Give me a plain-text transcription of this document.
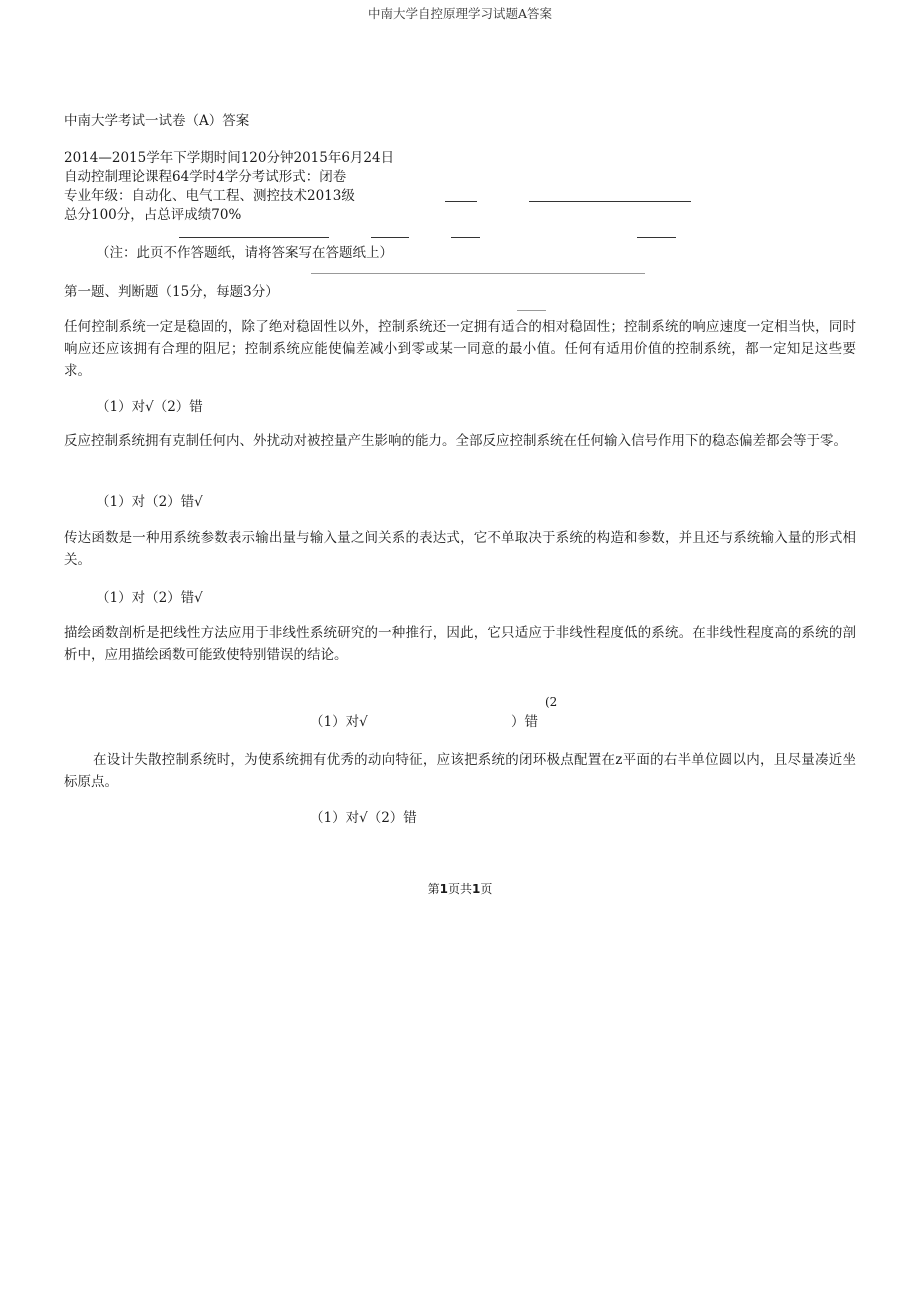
中南大学自控原理学习试题A答案
中南大学考试一试卷（A）答案
2014—2015学年下学期时间120分钟2015年6月24日
自动控制理论课程64学时4学分考试形式：闭卷
专业年级：自动化、电气工程、测控技术2013级
总分100分，占总评成绩70%
（注：此页不作答题纸，请将答案写在答题纸上）
第一题、判断题（15分，每题3分）
任何控制系统一定是稳固的，除了绝对稳固性以外，控制系统还一定拥有适合的相对稳固性；控制系统的响应速度一定相当快，同时响应还应该拥有合理的阻尼；控制系统应能使偏差减小到零或某一同意的最小值。任何有适用价值的控制系统，都一定知足这些要求。
（1）对√（2）错
反应控制系统拥有克制任何内、外扰动对被控量产生影响的能力。全部反应控制系统在任何输入信号作用下的稳态偏差都会等于零。
（1）对（2）错√
传达函数是一种用系统参数表示输出量与输入量之间关系的表达式，它不单取决于系统的构造和参数，并且还与系统输入量的形式相关。
（1）对（2）错√
描绘函数剖析是把线性方法应用于非线性系统研究的一种推行，因此，它只适应于非线性程度低的系统。在非线性程度高的系统的剖析中，应用描绘函数可能致使特别错误的结论。
(2
（1）对√	）错
在设计失散控制系统时，为使系统拥有优秀的动向特征，应该把系统的闭环极点配置在z平面的右半单位圆以内，且尽量凑近坐标原点。
（1）对√（2）错
第1页共1页
